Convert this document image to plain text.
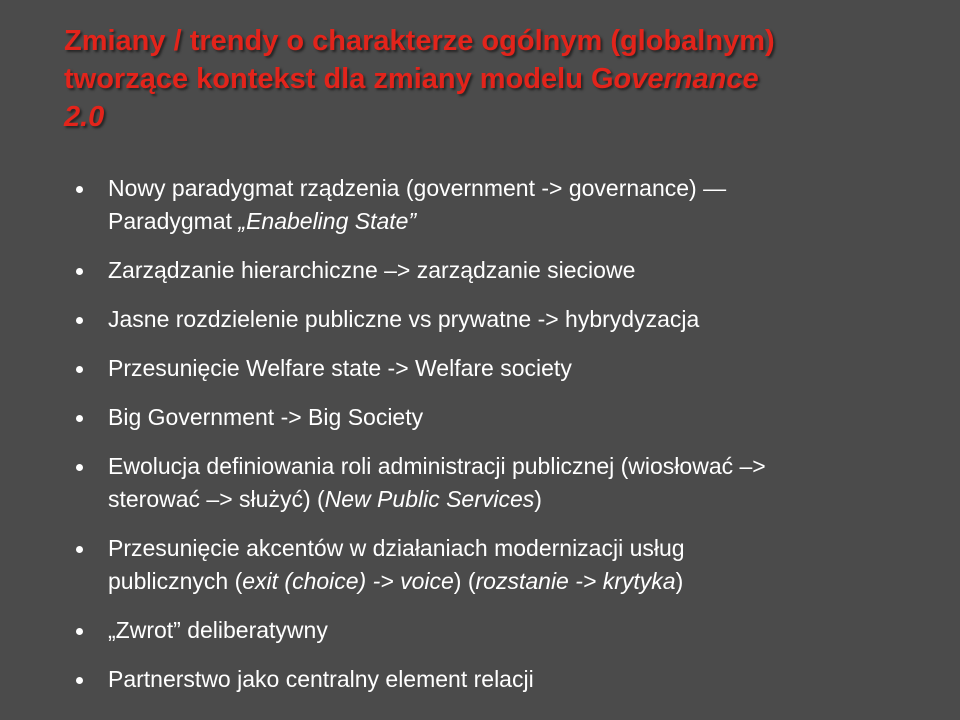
Zmiany / trendy o charakterze ogólnym (globalnym)
tworzące kontekst dla zmiany modelu Governance
2.0
Nowy paradygmat rządzenia (government -> governance) —
Paradygmat „Enabeling State”
Zarządzanie hierarchiczne –> zarządzanie sieciowe
Jasne rozdzielenie publiczne vs prywatne -> hybrydyzacja
Przesunięcie Welfare state -> Welfare society
Big Government -> Big Society
Ewolucja definiowania roli administracji publicznej (wiosłować –>
sterować –> służyć) (New Public Services)
Przesunięcie akcentów w działaniach modernizacji usług
publicznych (exit (choice) -> voice) (rozstanie -> krytyka)
„Zwrot” deliberatywny
Partnerstwo jako centralny element relacji
